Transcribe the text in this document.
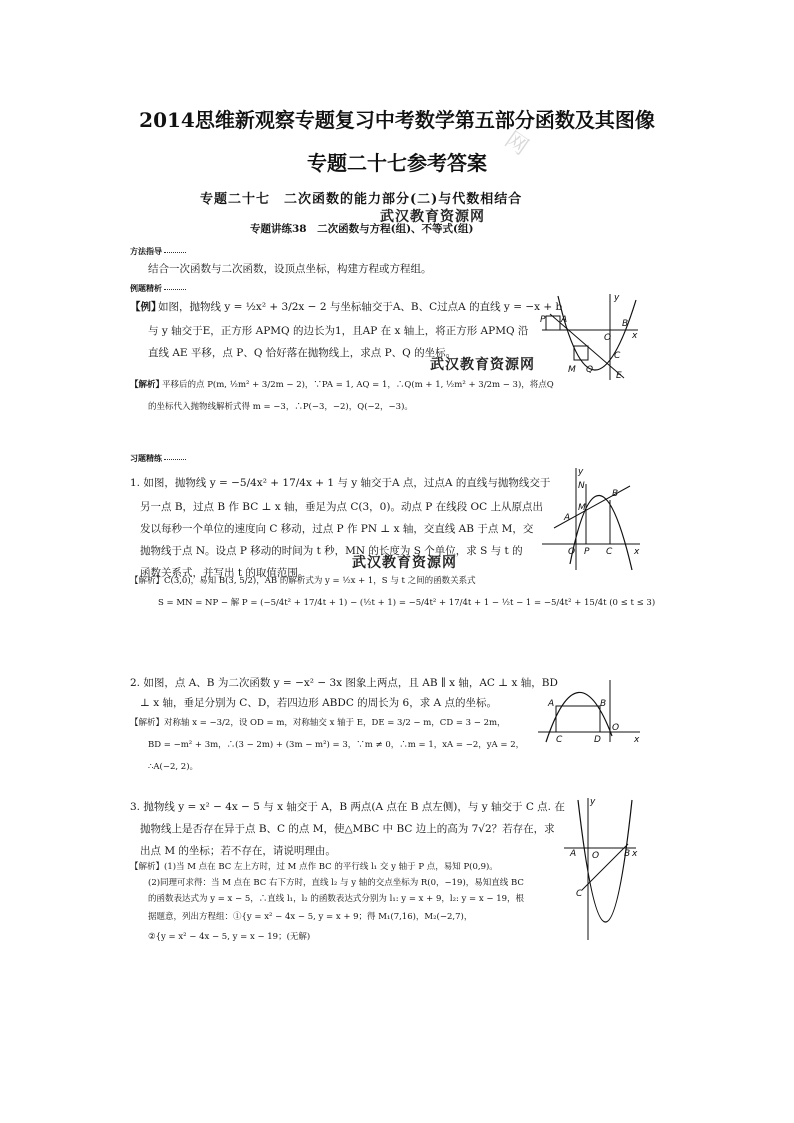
2014思维新观察专题复习中考数学第五部分函数及其图像
专题二十七参考答案
网
专题二十七　二次函数的能力部分(二)与代数相结合
武汉教育资源网
专题讲练38　二次函数与方程(组)、不等式(组)
方法指导
结合一次函数与二次函数，设顶点坐标，构建方程或方程组。
例题精析
【例】
如图，抛物线 y = ½x² + 3/2x − 2 与坐标轴交于A、B、C过点A 的直线 y = −x + b
与 y 轴交于E，正方形 APMQ 的边长为1，且AP 在 x 轴上，将正方形 APMQ 沿
直线 AE 平移，点 P、Q 恰好落在抛物线上，求点 P、Q 的坐标。
武汉教育资源网
【解析】
平移后的点 P(m, ½m² + 3/2m − 2)，∵PA = 1, AQ = 1，∴Q(m + 1, ½m² + 3/2m − 3)，将点Q
的坐标代入抛物线解析式得 m = −3，∴P(−3，−2)，Q(−2，−3)。
P A
O
B
x
M Q
C
E
y
习题精练
1. 如图，抛物线 y = −5/4x² + 17/4x + 1 与 y 轴交于A 点，过点A 的直线与抛物线交于
另一点 B，过点 B 作 BC ⊥ x 轴，垂足为点 C(3，0)。动点 P 在线段 OC 上从原点出
发以每秒一个单位的速度向 C 移动，过点 P 作 PN ⊥ x 轴，交直线 AB 于点 M，交
抛物线于点 N。设点 P 移动的时间为 t 秒，MN 的长度为 S 个单位，求 S 与 t 的
函数关系式，并写出 t 的取值范围。
武汉教育资源网
【解析】C(3,0)，易知 B(3, 5/2)，AB 的解析式为 y = ½x + 1，S 与 t 之间的函数关系式
S = MN = NP − 解 P = (−5/4t² + 17/4t + 1) − (½t + 1) = −5/4t² + 17/4t + 1 − ½t − 1 = −5/4t² + 15/4t (0 ≤ t ≤ 3)
y
N
B
M
A
O P C x
2. 如图，点 A、B 为二次函数 y = −x² − 3x 图象上两点，且 AB ∥ x 轴，AC ⊥ x 轴，BD
⊥ x 轴，垂足分别为 C、D，若四边形 ABDC 的周长为 6，求 A 点的坐标。
【解析】对称轴 x = −3/2，设 OD = m，对称轴交 x 轴于 E，DE = 3/2 − m，CD = 3 − 2m，
BD = −m² + 3m，∴(3 − 2m) + (3m − m²) = 3，∵m ≠ 0，∴m = 1，xA = −2，yA = 2，
∴A(−2, 2)。
A	B
C	D
O
x
3. 抛物线 y = x² − 4x − 5 与 x 轴交于 A，B 两点(A 点在 B 点左侧)，与 y 轴交于 C 点. 在
抛物线上是否存在异于点 B、C 的点 M，使△MBC 中 BC 边上的高为 7√2？若存在，求
出点 M 的坐标；若不存在，请说明理由。
【解析】(1)当 M 点在 BC 左上方时，过 M 点作 BC 的平行线 l₁ 交 y 轴于 P 点，易知 P(0,9)。
(2)同理可求得：当 M 点在 BC 右下方时，直线 l₂ 与 y 轴的交点坐标为 R(0，−19)，易知直线 BC
的函数表达式为 y = x − 5，∴直线 l₁，l₂ 的函数表达式分别为 l₁: y = x + 9，l₂: y = x − 19，根
据题意，列出方程组：①{y = x² − 4x − 5, y = x + 9；得 M₁(7,16)，M₂(−2,7)，
②{y = x² − 4x − 5, y = x − 19；(无解)
y
A O	B x
C
